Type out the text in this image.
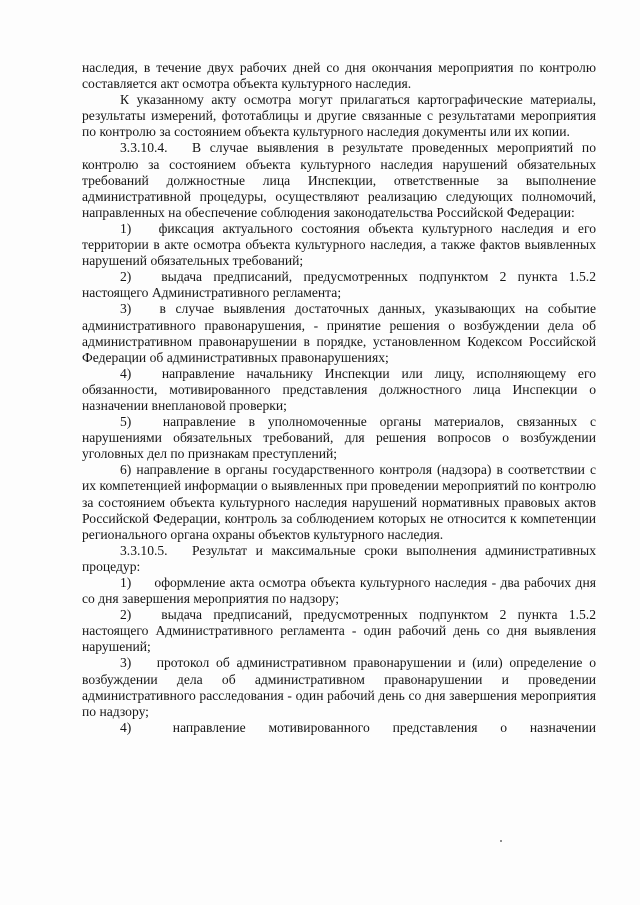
наследия, в течение двух рабочих дней со дня окончания мероприятия по контролю составляется акт осмотра объекта культурного наследия.

К указанному акту осмотра могут прилагаться картографические материалы, результаты измерений, фототаблицы и другие связанные с результатами мероприятия по контролю за состоянием объекта культурного наследия документы или их копии.

3.3.10.4. В случае выявления в результате проведенных мероприятий по контролю за состоянием объекта культурного наследия нарушений обязательных требований должностные лица Инспекции, ответственные за выполнение административной процедуры, осуществляют реализацию следующих полномочий, направленных на обеспечение соблюдения законодательства Российской Федерации:

1) фиксация актуального состояния объекта культурного наследия и его территории в акте осмотра объекта культурного наследия, а также фактов выявленных нарушений обязательных требований;

2) выдача предписаний, предусмотренных подпунктом 2 пункта 1.5.2 настоящего Административного регламента;

3) в случае выявления достаточных данных, указывающих на событие административного правонарушения, - принятие решения о возбуждении дела об административном правонарушении в порядке, установленном Кодексом Российской Федерации об административных правонарушениях;

4) направление начальнику Инспекции или лицу, исполняющему его обязанности, мотивированного представления должностного лица Инспекции о назначении внеплановой проверки;

5) направление в уполномоченные органы материалов, связанных с нарушениями обязательных требований, для решения вопросов о возбуждении уголовных дел по признакам преступлений;

6) направление в органы государственного контроля (надзора) в соответствии с их компетенцией информации о выявленных при проведении мероприятий по контролю за состоянием объекта культурного наследия нарушений нормативных правовых актов Российской Федерации, контроль за соблюдением которых не относится к компетенции регионального органа охраны объектов культурного наследия.

3.3.10.5. Результат и максимальные сроки выполнения административных процедур:

1) оформление акта осмотра объекта культурного наследия - два рабочих дня со дня завершения мероприятия по надзору;

2) выдача предписаний, предусмотренных подпунктом 2 пункта 1.5.2 настоящего Административного регламента - один рабочий день со дня выявления нарушений;

3) протокол об административном правонарушении и (или) определение о возбуждении дела об административном правонарушении и проведении административного расследования - один рабочий день со дня завершения мероприятия по надзору;

4)	направление мотивированного представления о назначении
